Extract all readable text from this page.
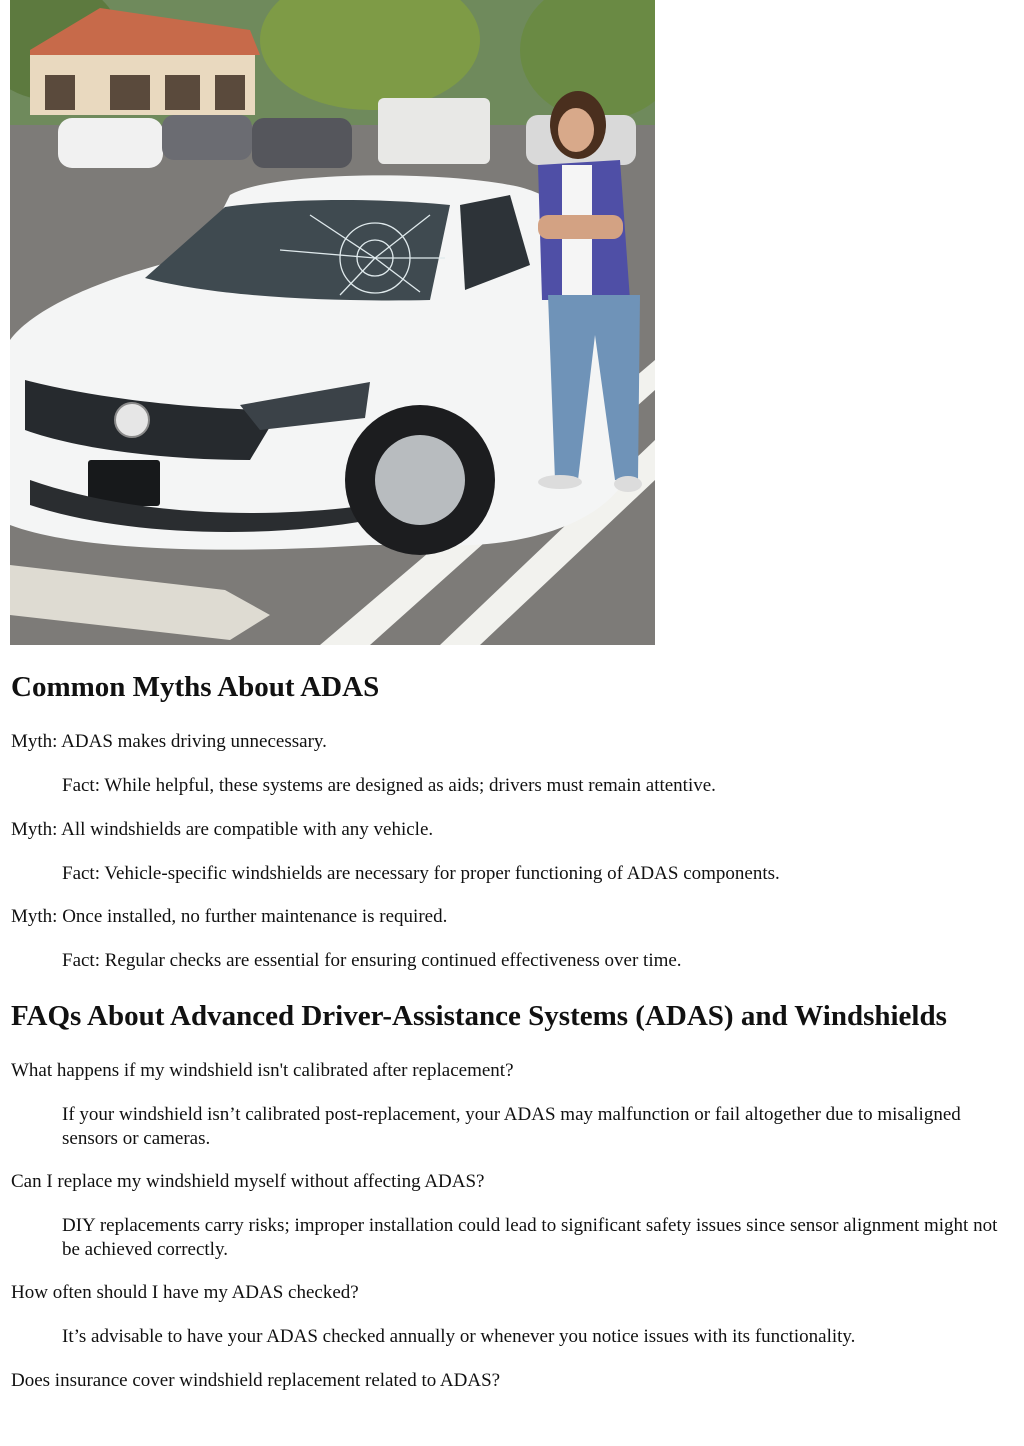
Common Myths About ADAS

Myth: ADAS makes driving unnecessary.

Fact: While helpful, these systems are designed as aids; drivers must remain attentive.

Myth: All windshields are compatible with any vehicle.

Fact: Vehicle-specific windshields are necessary for proper functioning of ADAS components.

Myth: Once installed, no further maintenance is required.

Fact: Regular checks are essential for ensuring continued effectiveness over time.

FAQs About Advanced Driver-Assistance Systems (ADAS) and Windshields

What happens if my windshield isn't calibrated after replacement?

If your windshield isn’t calibrated post-replacement, your ADAS may malfunction or fail altogether due to misaligned sensors or cameras.

Can I replace my windshield myself without affecting ADAS?

DIY replacements carry risks; improper installation could lead to significant safety issues since sensor alignment might not be achieved correctly.

How often should I have my ADAS checked?

It’s advisable to have your ADAS checked annually or whenever you notice issues with its functionality.

Does insurance cover windshield replacement related to ADAS?
